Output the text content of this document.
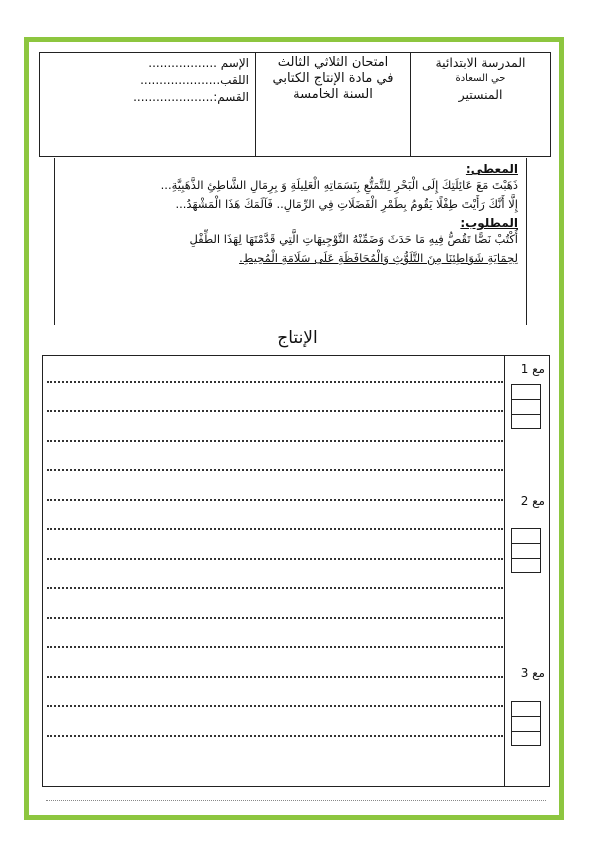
المدرسة الابتدائية

حي السعادة
المنستير
امتحان الثلاثي الثالث
في مادة الإنتاج الكتابي
السنة الخامسة
الإسم ..................
اللقب.....................
القسم:.....................
المعطى:
ذَهَبْتَ مَعَ عَائِلَتِكَ إِلَى الْبَحْرِ لِلتَّمَتُّعِ بِنَسَمَاتِهِ الْعَلِيلَةِ وَ بِرِمَالِ الشَّاطِئِ الذَّهَبِيَّةِ...
إِلَّا أَنَّكَ رَأَيْتَ طِفْلًا يَقُومُ بِطَمْرِ الْفَضَلَاتِ فِي الرِّمَالِ.. فَآلَمَكَ هَذَا الْمَشْهَدُ...
المطلوب:
أُكْتُبْ نَصًّا تَقُصُّ فِيهِ مَا حَدَثَ وَضَمِّنْهُ التَّوْجِيهَاتِ الَّتِي قَدَّمْتَهَا لِهَذَا الطِّفْلِ
لِحِمَايَةِ شَوَاطِئِنَا مِنَ التَّلَوُّثِ وَالْمُحَافَظَةِ عَلَى سَلَامَةِ الْمُحِيطِ.
الإنتاج
مع 1
مع 2
مع 3
